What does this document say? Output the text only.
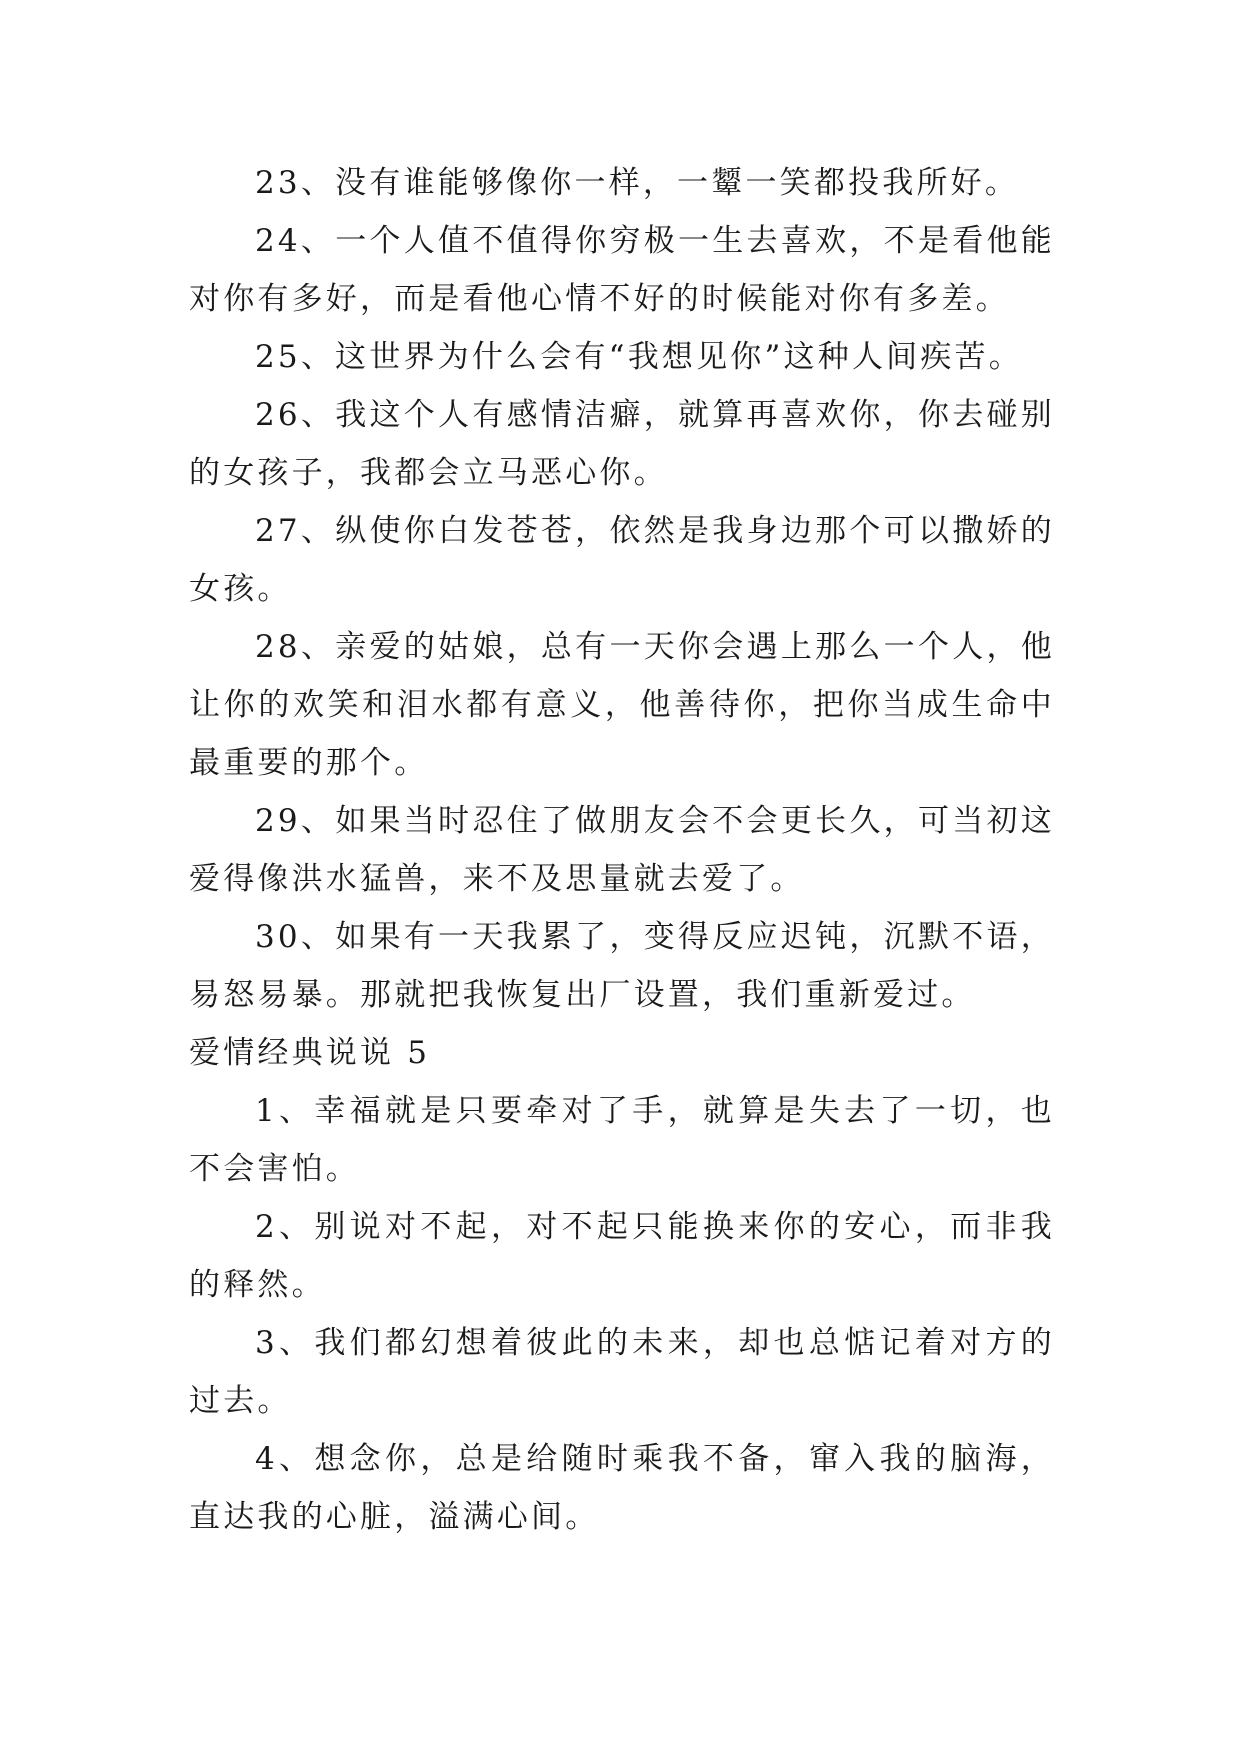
23、没有谁能够像你一样，一颦一笑都投我所好。

24、一个人值不值得你穷极一生去喜欢，不是看他能对你有多好，而是看他心情不好的时候能对你有多差。

25、这世界为什么会有“我想见你”这种人间疾苦。

26、我这个人有感情洁癖，就算再喜欢你，你去碰别的女孩子，我都会立马恶心你。

27、纵使你白发苍苍，依然是我身边那个可以撒娇的女孩。

28、亲爱的姑娘，总有一天你会遇上那么一个人，他让你的欢笑和泪水都有意义，他善待你，把你当成生命中最重要的那个。

29、如果当时忍住了做朋友会不会更长久，可当初这爱得像洪水猛兽，来不及思量就去爱了。

30、如果有一天我累了，变得反应迟钝，沉默不语，易怒易暴。那就把我恢复出厂设置，我们重新爱过。

爱情经典说说 5

1、幸福就是只要牵对了手，就算是失去了一切，也不会害怕。

2、别说对不起，对不起只能换来你的安心，而非我的释然。

3、我们都幻想着彼此的未来，却也总惦记着对方的过去。

4、想念你，总是给随时乘我不备，窜入我的脑海，直达我的心脏，溢满心间。
